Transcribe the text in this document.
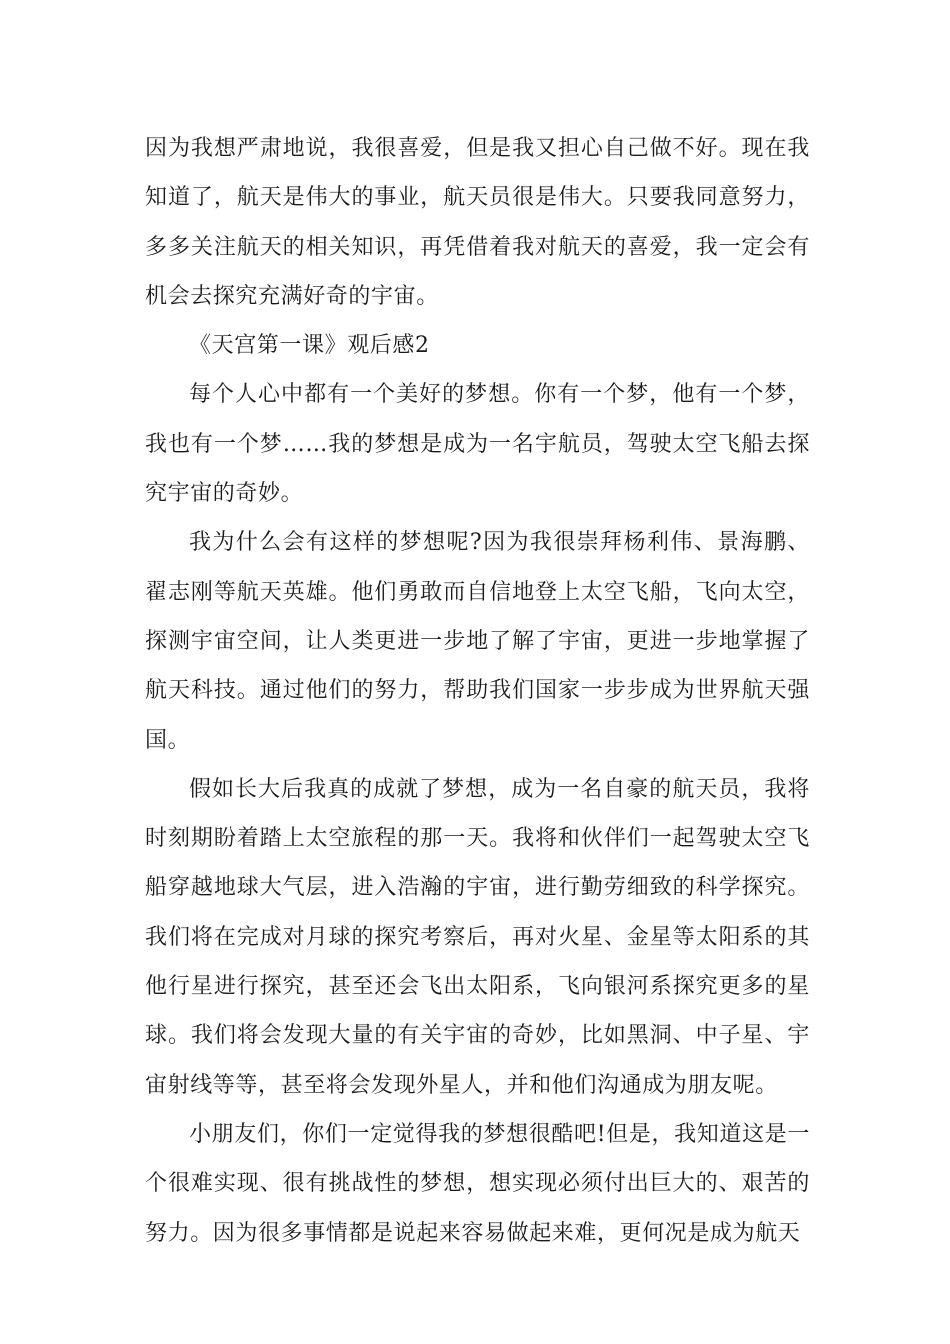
因为我想严肃地说，我很喜爱，但是我又担心自己做不好。现在我知道了，航天是伟大的事业，航天员很是伟大。只要我同意努力，多多关注航天的相关知识，再凭借着我对航天的喜爱，我一定会有机会去探究充满好奇的宇宙。

《天宫第一课》观后感2

每个人心中都有一个美好的梦想。你有一个梦，他有一个梦，我也有一个梦……我的梦想是成为一名宇航员，驾驶太空飞船去探究宇宙的奇妙。

我为什么会有这样的梦想呢?因为我很崇拜杨利伟、景海鹏、翟志刚等航天英雄。他们勇敢而自信地登上太空飞船，飞向太空，探测宇宙空间，让人类更进一步地了解了宇宙，更进一步地掌握了航天科技。通过他们的努力，帮助我们国家一步步成为世界航天强国。

假如长大后我真的成就了梦想，成为一名自豪的航天员，我将时刻期盼着踏上太空旅程的那一天。我将和伙伴们一起驾驶太空飞船穿越地球大气层，进入浩瀚的宇宙，进行勤劳细致的科学探究。我们将在完成对月球的探究考察后，再对火星、金星等太阳系的其他行星进行探究，甚至还会飞出太阳系，飞向银河系探究更多的星球。我们将会发现大量的有关宇宙的奇妙，比如黑洞、中子星、宇宙射线等等，甚至将会发现外星人，并和他们沟通成为朋友呢。

小朋友们，你们一定觉得我的梦想很酷吧!但是，我知道这是一个很难实现、很有挑战性的梦想，想实现必须付出巨大的、艰苦的努力。因为很多事情都是说起来容易做起来难，更何况是成为航天
